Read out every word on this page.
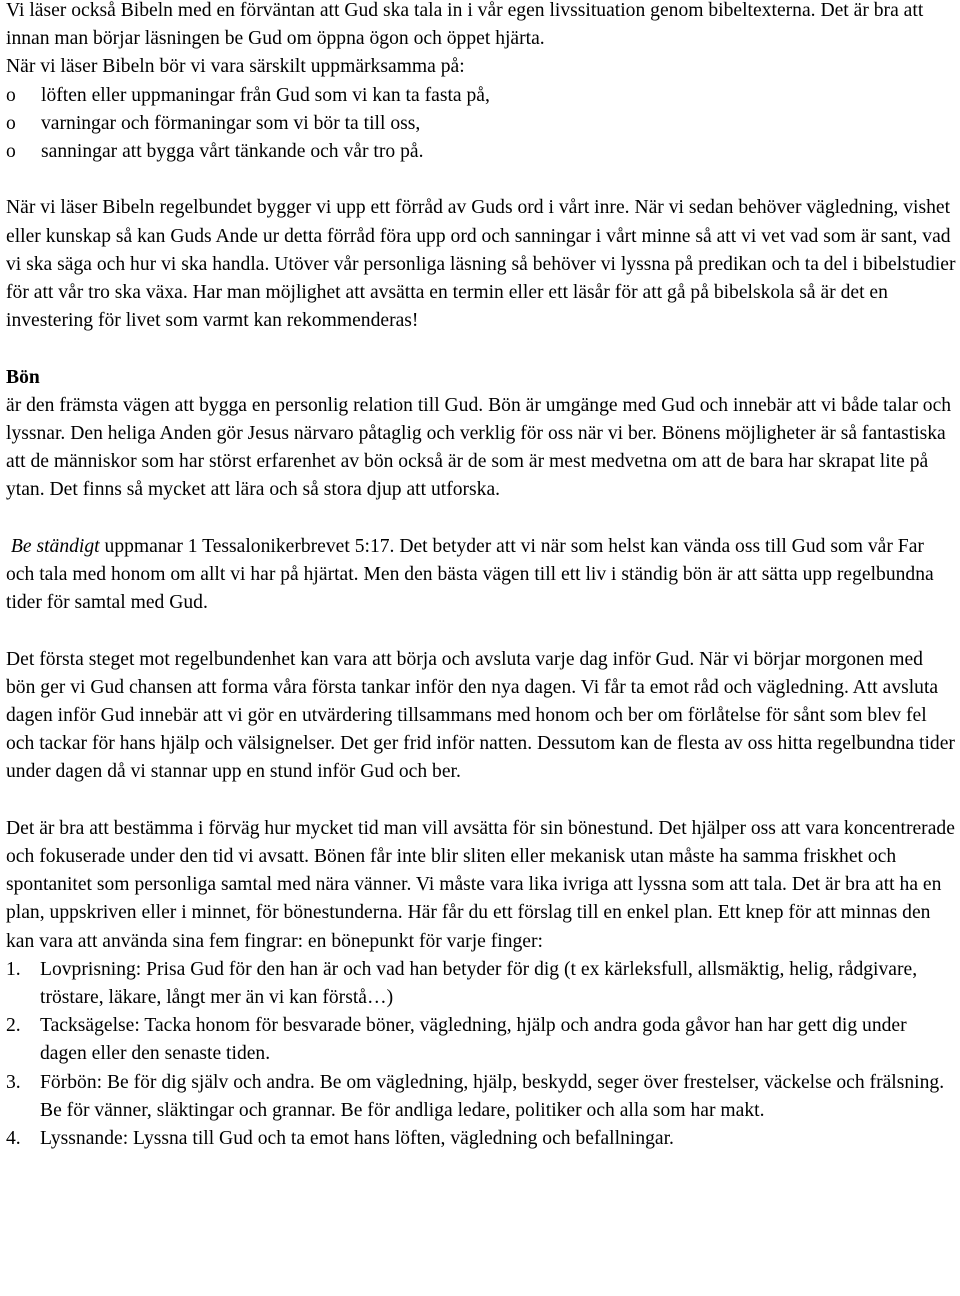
Vi läser också Bibeln med en förväntan att Gud ska tala in i vår egen livssituation genom bibeltexterna. Det är bra att innan man börjar läsningen be Gud om öppna ögon och öppet hjärta.

När vi läser Bibeln bör vi vara särskilt uppmärksamma på:

o löften eller uppmaningar från Gud som vi kan ta fasta på,
o varningar och förmaningar som vi bör ta till oss,
o sanningar att bygga vårt tänkande och vår tro på.

När vi läser Bibeln regelbundet bygger vi upp ett förråd av Guds ord i vårt inre. När vi sedan behöver vägledning, vishet eller kunskap så kan Guds Ande ur detta förråd föra upp ord och sanningar i vårt minne så att vi vet vad som är sant, vad vi ska säga och hur vi ska handla. Utöver vår personliga läsning så behöver vi lyssna på predikan och ta del i bibelstudier för att vår tro ska växa. Har man möjlighet att avsätta en termin eller ett läsår för att gå på bibelskola så är det en investering för livet som varmt kan rekommenderas!

Bön

är den främsta vägen att bygga en personlig relation till Gud. Bön är umgänge med Gud och innebär att vi både talar och lyssnar. Den heliga Anden gör Jesus närvaro påtaglig och verklig för oss när vi ber. Bönens möjligheter är så fantastiska att de människor som har störst erfarenhet av bön också är de som är mest medvetna om att de bara har skrapat lite på ytan. Det finns så mycket att lära och så stora djup att utforska.

Be ständigt uppmanar 1 Tessalonikerbrevet 5:17. Det betyder att vi när som helst kan vända oss till Gud som vår Far och tala med honom om allt vi har på hjärtat. Men den bästa vägen till ett liv i ständig bön är att sätta upp regelbundna tider för samtal med Gud.

Det första steget mot regelbundenhet kan vara att börja och avsluta varje dag inför Gud. När vi börjar morgonen med bön ger vi Gud chansen att forma våra första tankar inför den nya dagen. Vi får ta emot råd och vägledning. Att avsluta dagen inför Gud innebär att vi gör en utvärdering tillsammans med honom och ber om förlåtelse för sånt som blev fel och tackar för hans hjälp och välsignelser. Det ger frid inför natten. Dessutom kan de flesta av oss hitta regelbundna tider under dagen då vi stannar upp en stund inför Gud och ber.

Det är bra att bestämma i förväg hur mycket tid man vill avsätta för sin bönestund. Det hjälper oss att vara koncentrerade och fokuserade under den tid vi avsatt. Bönen får inte blir sliten eller mekanisk utan måste ha samma friskhet och spontanitet som personliga samtal med nära vänner. Vi måste vara lika ivriga att lyssna som att tala. Det är bra att ha en plan, uppskriven eller i minnet, för bönestunderna. Här får du ett förslag till en enkel plan. Ett knep för att minnas den kan vara att använda sina fem fingrar: en bönepunkt för varje finger:

1. Lovprisning: Prisa Gud för den han är och vad han betyder för dig (t ex kärleksfull, allsmäktig, helig, rådgivare, tröstare, läkare, långt mer än vi kan förstå…)
2. Tacksägelse: Tacka honom för besvarade böner, vägledning, hjälp och andra goda gåvor han har gett dig under dagen eller den senaste tiden.
3. Förbön: Be för dig själv och andra. Be om vägledning, hjälp, beskydd, seger över frestelser, väckelse och frälsning. Be för vänner, släktingar och grannar. Be för andliga ledare, politiker och alla som har makt.
4. Lyssnande: Lyssna till Gud och ta emot hans löften, vägledning och befallningar.
